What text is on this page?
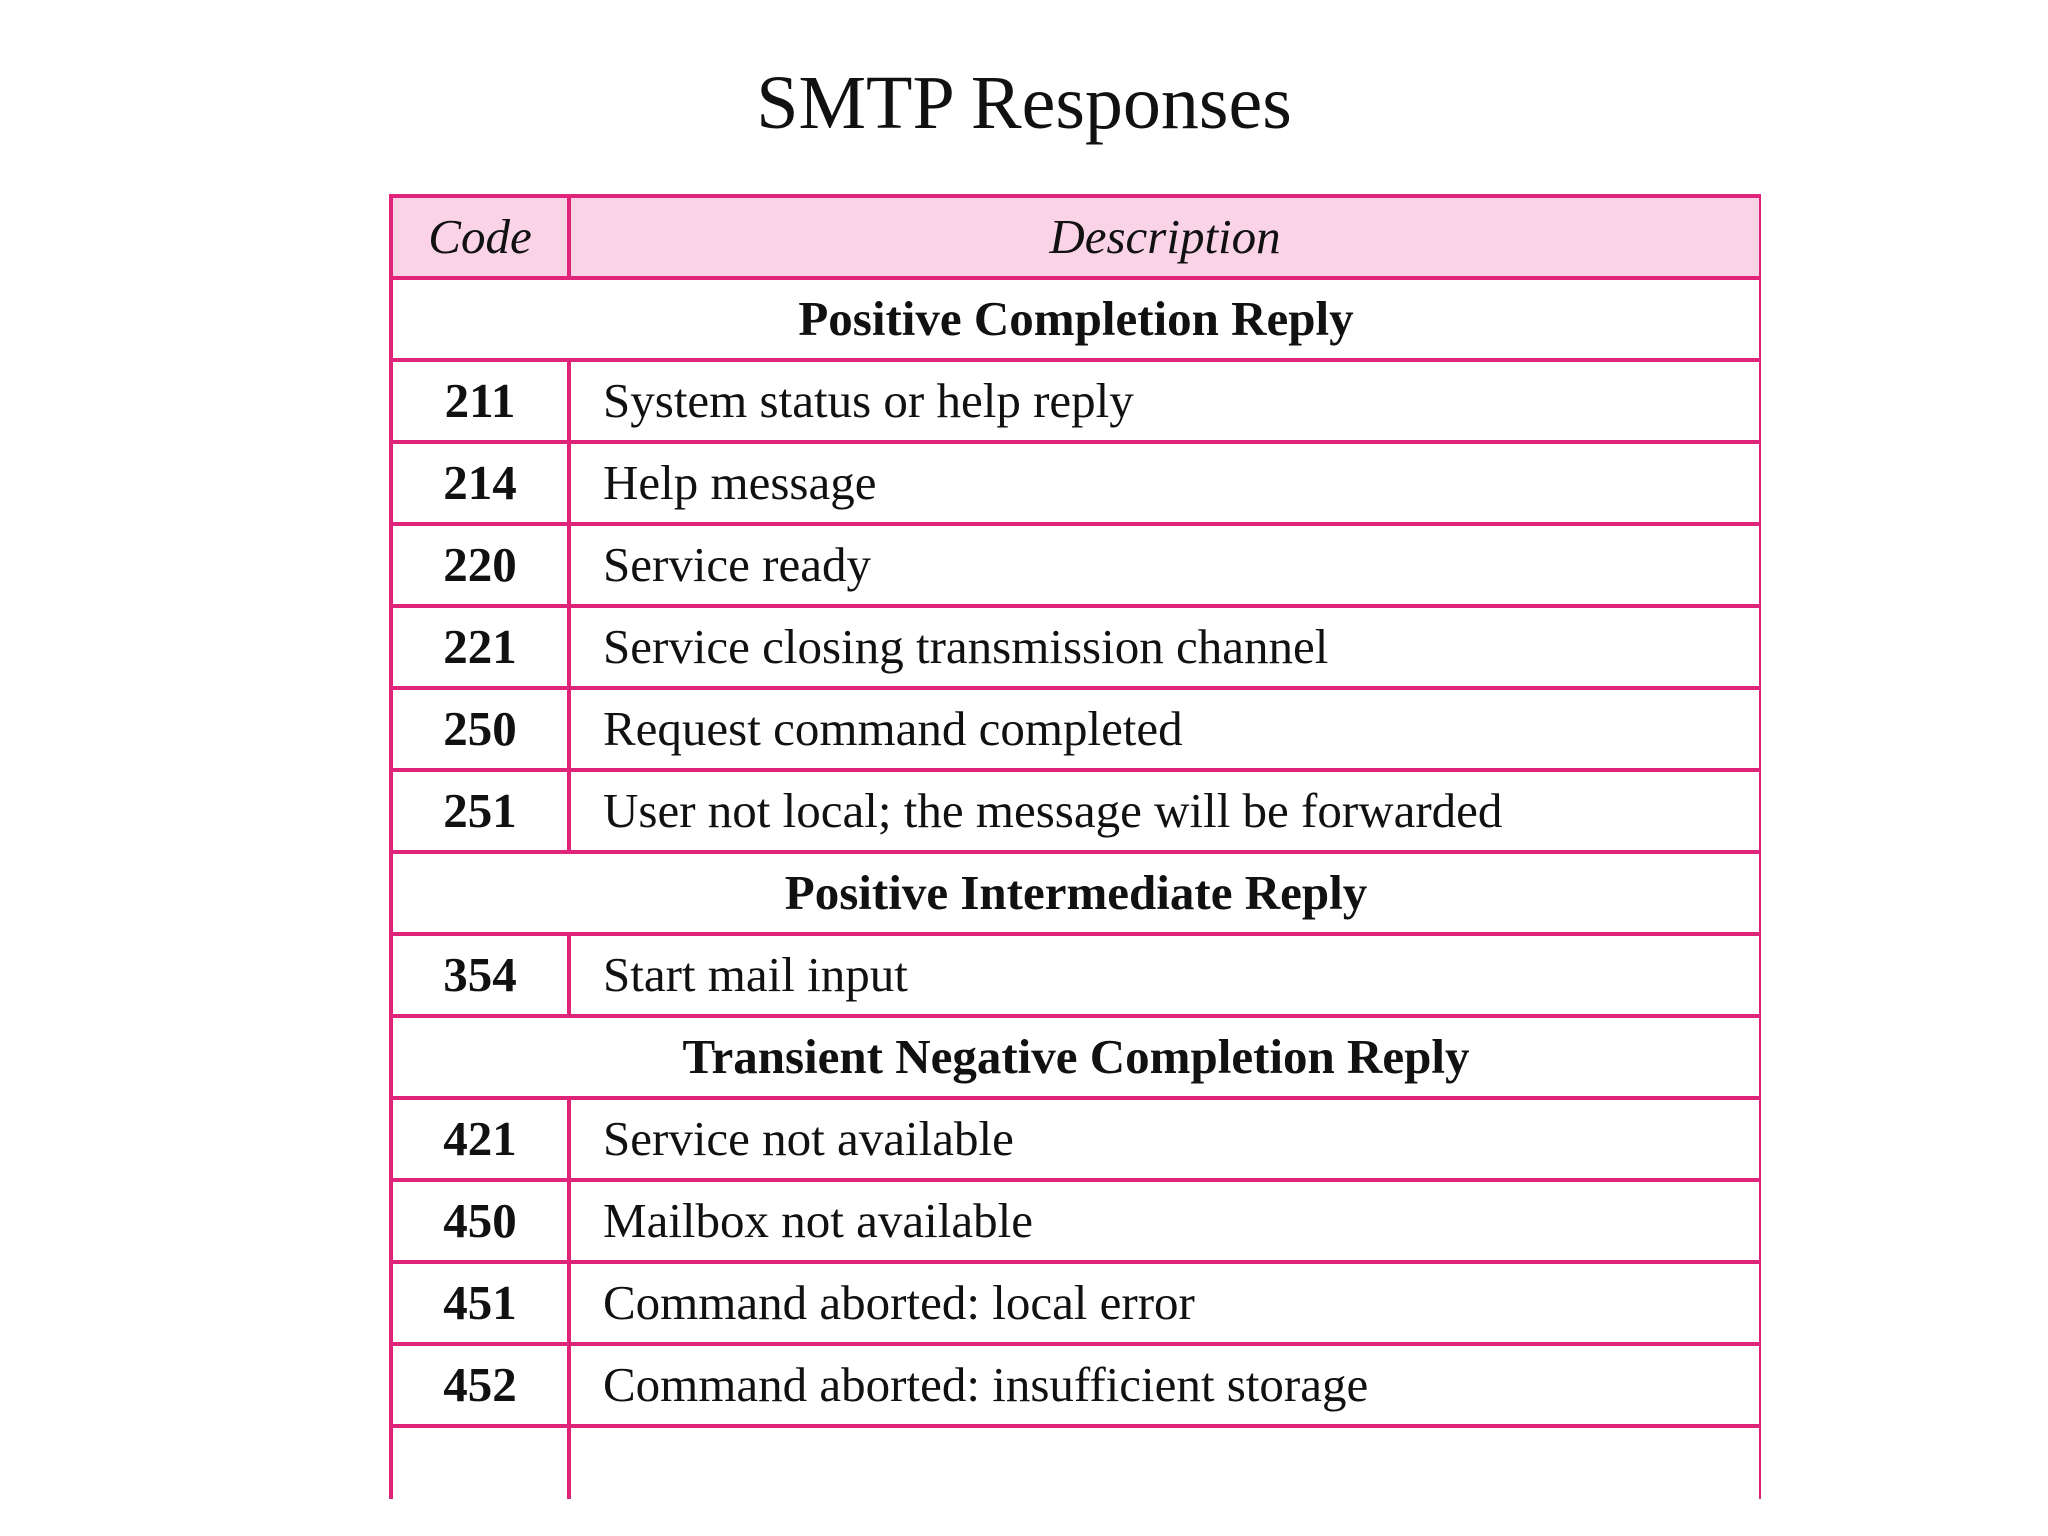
SMTP Responses
Code	Description
Positive Completion Reply	
211	System status or help reply
214	Help message
220	Service ready
221	Service closing transmission channel
250	Request command completed
251	User not local; the message will be forwarded
Positive Intermediate Reply	
354	Start mail input
Transient Negative Completion Reply	
421	Service not available
450	Mailbox not available
451	Command aborted: local error
452	Command aborted: insufficient storage
